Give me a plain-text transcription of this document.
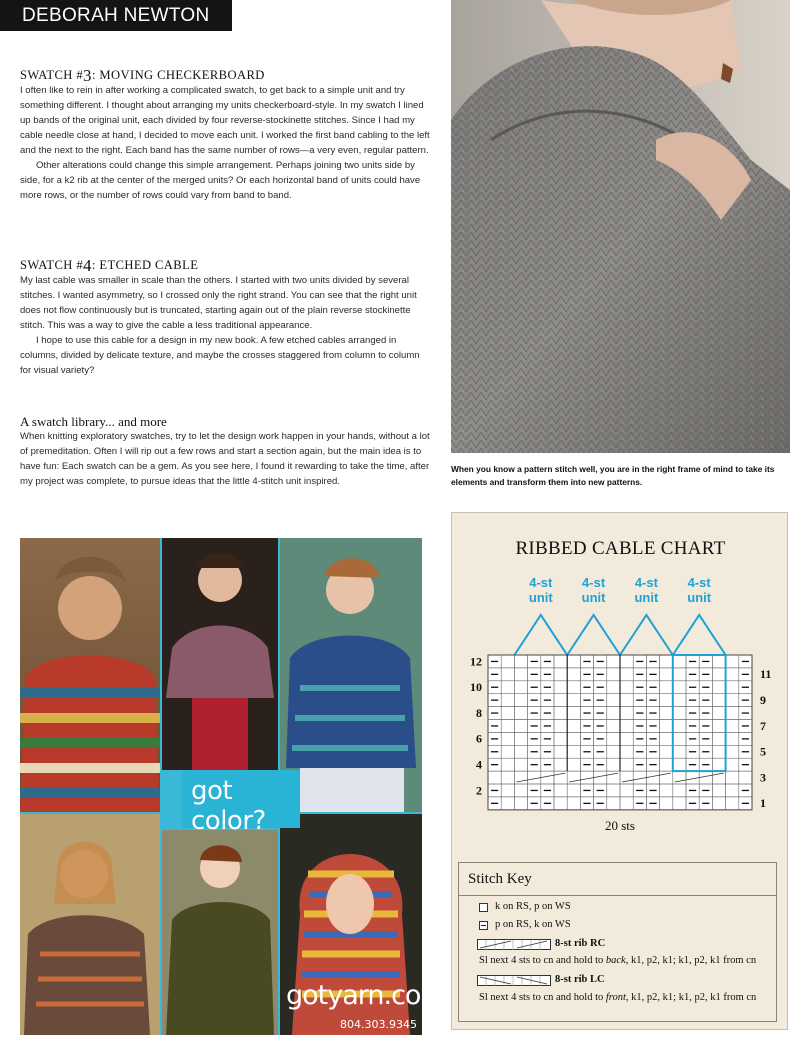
DEBORAH NEWTON
SWATCH #3: MOVING CHECKERBOARD

I often like to rein in after working a complicated swatch, to get back to a simple unit and try something different. I thought about arranging my units checkerboard-style. In my swatch I lined up bands of the original unit, each divided by four reverse-stockinette stitches. Since I had my cable needle close at hand, I decided to move each unit. I worked the first band cabling to the left and the next to the right. Each band has the same number of rows—a very even, regular pattern.

Other alterations could change this simple arrangement. Perhaps joining two units side by side, for a k2 rib at the center of the merged units? Or each horizontal band of units could have more rows, or the number of rows could vary from band to band.

SWATCH #4: ETCHED CABLE

My last cable was smaller in scale than the others. I started with two units divided by several stitches. I wanted asymmetry, so I crossed only the right strand. You can see that the right unit does not flow continuously but is truncated, starting again out of the plain reverse stockinette stitch. This was a way to give the cable a less traditional appearance.

I hope to use this cable for a design in my new book. A few etched cables arranged in columns, divided by delicate texture, and maybe the crosses staggered from column to column for visual variety?

A swatch library... and more

When knitting exploratory swatches, try to let the design work happen in your hands, without a lot of premeditation. Often I will rip out a few rows and start a section again, but the main idea is to have fun: Each swatch can be a gem. As you see here, I found it rewarding to take the time, after my project was complete, to pursue ideas that the little 4-stitch unit inspired.

When you know a pattern stitch well, you are in the right frame of mind to take its elements and transform them into new patterns.
got color?
gotyarn.com
804.303.9345
RIBBED CABLE CHART
4-st
unit
4-st
unit
4-st
unit
4-st
unit
12
10
8
6
4
2
11
9
7
5
3
1
20 sts
Stitch Key
k on RS, p on WS
p on RS, k on WS
8-st rib RC
Sl next 4 sts to cn and hold to back, k1, p2, k1; k1, p2, k1 from cn
8-st rib LC
Sl next 4 sts to cn and hold to front, k1, p2, k1; k1, p2, k1 from cn
